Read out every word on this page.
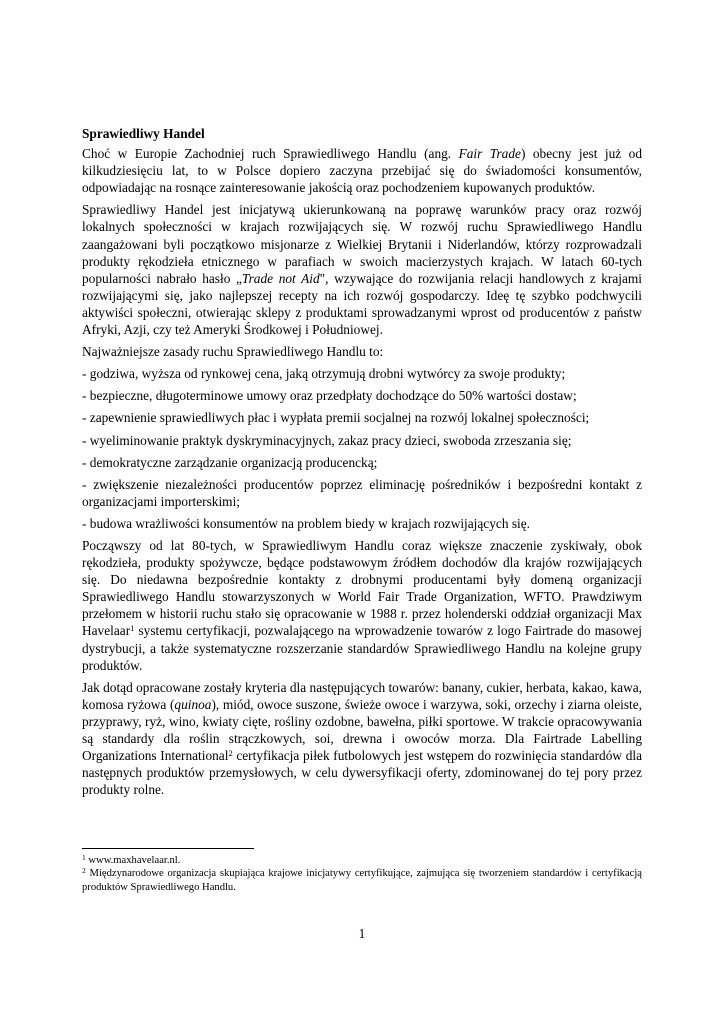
Sprawiedliwy Handel

Choć w Europie Zachodniej ruch Sprawiedliwego Handlu (ang. Fair Trade) obecny jest już od kilkudziesięciu lat, to w Polsce dopiero zaczyna przebijać się do świadomości konsumentów, odpowiadając na rosnące zainteresowanie jakością oraz pochodzeniem kupowanych produktów.

Sprawiedliwy Handel jest inicjatywą ukierunkowaną na poprawę warunków pracy oraz rozwój lokalnych społeczności w krajach rozwijających się. W rozwój ruchu Sprawiedliwego Handlu zaangażowani byli początkowo misjonarze z Wielkiej Brytanii i Niderlandów, którzy rozprowadzali produkty rękodzieła etnicznego w parafiach w swoich macierzystych krajach. W latach 60-tych popularności nabrało hasło „Trade not Aid", wzywające do rozwijania relacji handlowych z krajami rozwijającymi się, jako najlepszej recepty na ich rozwój gospodarczy. Ideę tę szybko podchwycili aktywiści społeczni, otwierając sklepy z produktami sprowadzanymi wprost od producentów z państw Afryki, Azji, czy też Ameryki Środkowej i Południowej.

Najważniejsze zasady ruchu Sprawiedliwego Handlu to:

- godziwa, wyższa od rynkowej cena, jaką otrzymują drobni wytwórcy za swoje produkty;

- bezpieczne, długoterminowe umowy oraz przedpłaty dochodzące do 50% wartości dostaw;

- zapewnienie sprawiedliwych płac i wypłata premii socjalnej na rozwój lokalnej społeczności;

- wyeliminowanie praktyk dyskryminacyjnych, zakaz pracy dzieci, swoboda zrzeszania się;

- demokratyczne zarządzanie organizacją producencką;

- zwiększenie niezależności producentów poprzez eliminację pośredników i bezpośredni kontakt z organizacjami importerskimi;

- budowa wrażliwości konsumentów na problem biedy w krajach rozwijających się.

Począwszy od lat 80-tych, w Sprawiedliwym Handlu coraz większe znaczenie zyskiwały, obok rękodzieła, produkty spożywcze, będące podstawowym źródłem dochodów dla krajów rozwijających się. Do niedawna bezpośrednie kontakty z drobnymi producentami były domeną organizacji Sprawiedliwego Handlu stowarzyszonych w World Fair Trade Organization, WFTO. Prawdziwym przełomem w historii ruchu stało się opracowanie w 1988 r. przez holenderski oddział organizacji Max Havelaar$^1$ systemu certyfikacji, pozwalającego na wprowadzenie towarów z logo Fairtrade do masowej dystrybucji, a także systematyczne rozszerzanie standardów Sprawiedliwego Handlu na kolejne grupy produktów.

Jak dotąd opracowane zostały kryteria dla następujących towarów: banany, cukier, herbata, kakao, kawa, komosa ryżowa (quinoa), miód, owoce suszone, świeże owoce i warzywa, soki, orzechy i ziarna oleiste, przyprawy, ryż, wino, kwiaty cięte, rośliny ozdobne, bawełna, piłki sportowe. W trakcie opracowywania są standardy dla roślin strączkowych, soi, drewna i owoców morza. Dla Fairtrade Labelling Organizations International$^2$ certyfikacja piłek futbolowych jest wstępem do rozwinięcia standardów dla następnych produktów przemysłowych, w celu dywersyfikacji oferty, zdominowanej do tej pory przez produkty rolne.

$^1$ www.maxhavelaar.nl.

$^2$ Międzynarodowe organizacja skupiająca krajowe inicjatywy certyfikujące, zajmująca się tworzeniem standardów i certyfikacją produktów Sprawiedliwego Handlu.

1
